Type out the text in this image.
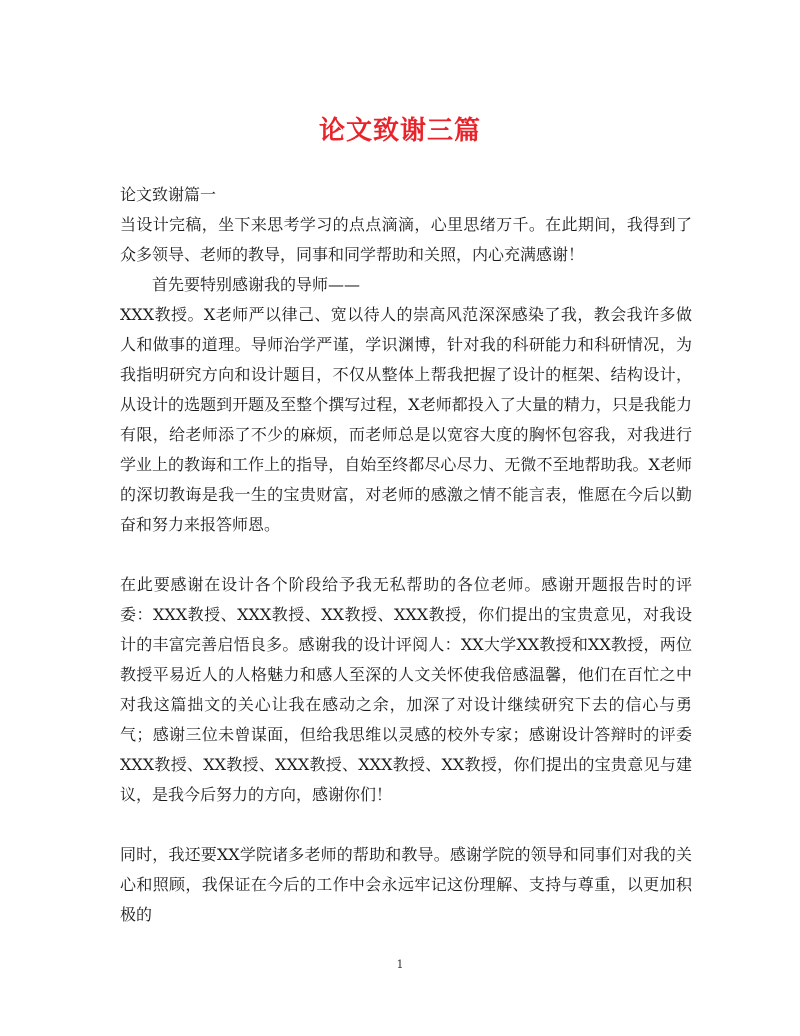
论文致谢三篇

论文致谢篇一

当设计完稿，坐下来思考学习的点点滴滴，心里思绪万千。在此期间，我得到了众多领导、老师的教导，同事和同学帮助和关照，内心充满感谢！

首先要特别感谢我的导师——

XXX教授。X老师严以律己、宽以待人的崇高风范深深感染了我，教会我许多做人和做事的道理。导师治学严谨，学识渊博，针对我的科研能力和科研情况，为我指明研究方向和设计题目，不仅从整体上帮我把握了设计的框架、结构设计，从设计的选题到开题及至整个撰写过程，X老师都投入了大量的精力，只是我能力有限，给老师添了不少的麻烦，而老师总是以宽容大度的胸怀包容我，对我进行学业上的教诲和工作上的指导，自始至终都尽心尽力、无微不至地帮助我。X老师的深切教诲是我一生的宝贵财富，对老师的感激之情不能言表，惟愿在今后以勤奋和努力来报答师恩。

在此要感谢在设计各个阶段给予我无私帮助的各位老师。感谢开题报告时的评委：XXX教授、XXX教授、XX教授、XXX教授，你们提出的宝贵意见，对我设计的丰富完善启悟良多。感谢我的设计评阅人：XX大学XX教授和XX教授，两位教授平易近人的人格魅力和感人至深的人文关怀使我倍感温馨，他们在百忙之中对我这篇拙文的关心让我在感动之余，加深了对设计继续研究下去的信心与勇气；感谢三位未曾谋面，但给我思维以灵感的校外专家；感谢设计答辩时的评委XXX教授、XX教授、XXX教授、XXX教授、XX教授，你们提出的宝贵意见与建议，是我今后努力的方向，感谢你们！

同时，我还要XX学院诸多老师的帮助和教导。感谢学院的领导和同事们对我的关心和照顾，我保证在今后的工作中会永远牢记这份理解、支持与尊重，以更加积极的

1
